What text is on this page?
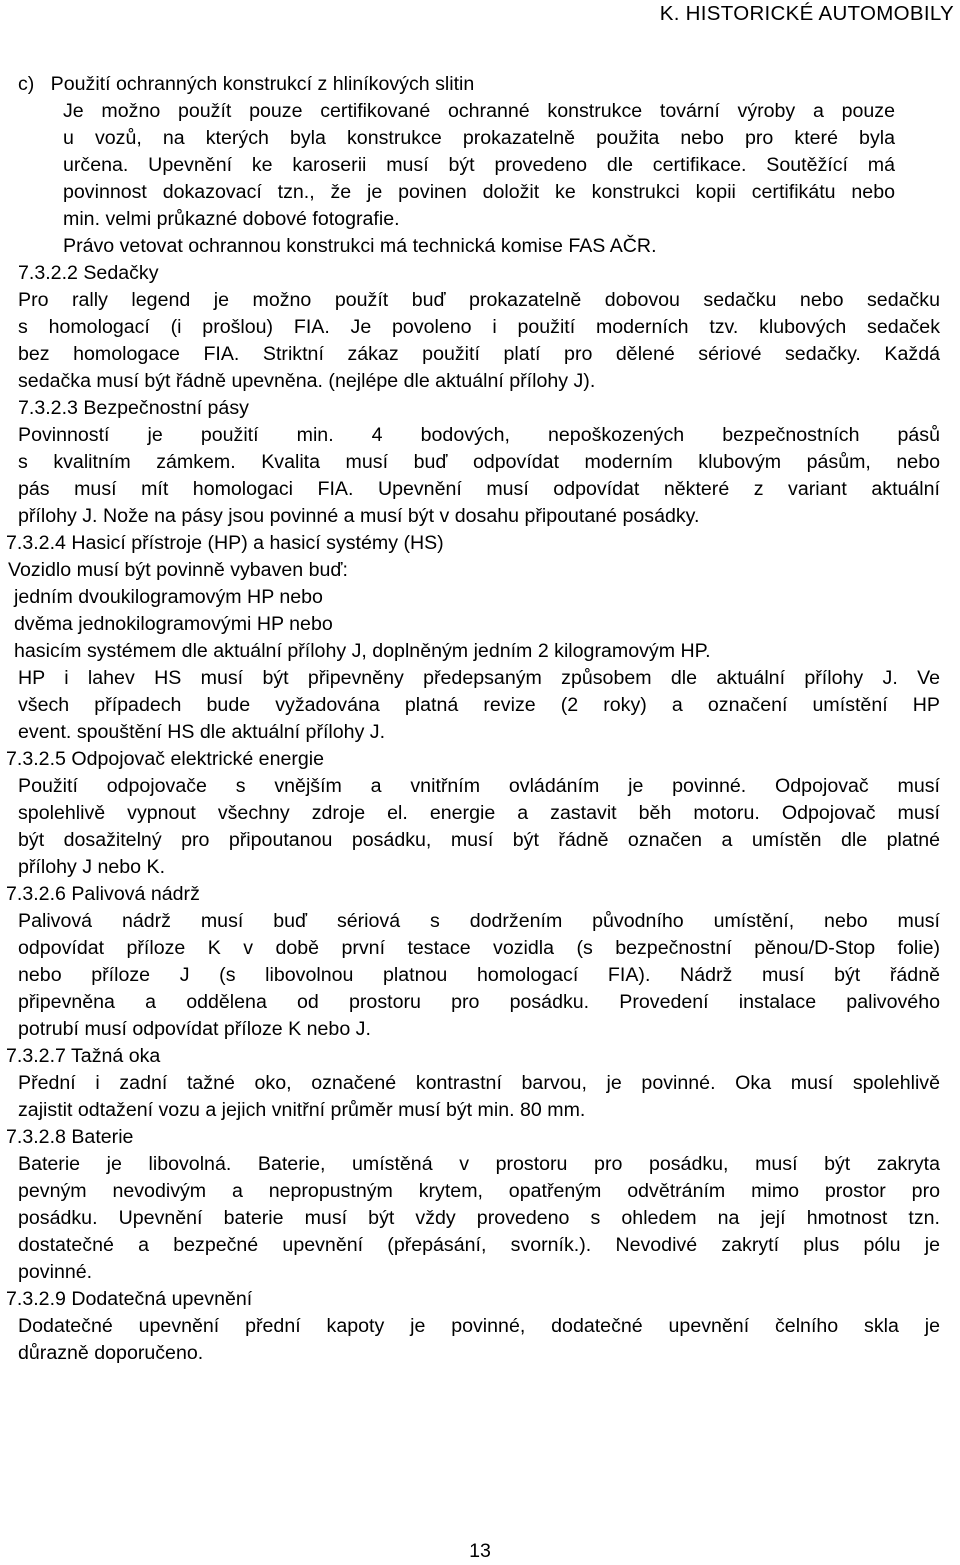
K. HISTORICKÉ AUTOMOBILY
c)   Použití ochranných konstrukcí z hliníkových slitin
Je možno použít pouze certifikované ochranné konstrukce tovární výroby a pouze
u vozů, na kterých byla konstrukce prokazatelně použita nebo pro které byla
určena. Upevnění ke karoserii musí být provedeno dle certifikace. Soutěžící má
povinnost dokazovací tzn., že je povinen doložit ke konstrukci kopii certifikátu nebo
min. velmi průkazné dobové fotografie.
Právo vetovat ochrannou konstrukci má technická komise FAS AČR.
7.3.2.2 Sedačky
Pro rally legend je možno použít buď prokazatelně dobovou sedačku nebo sedačku
s homologací (i prošlou) FIA. Je povoleno i použití moderních tzv. klubových sedaček
bez homologace FIA. Striktní zákaz použití platí pro dělené sériové sedačky. Každá
sedačka musí být řádně upevněna. (nejlépe dle aktuální přílohy J).
7.3.2.3 Bezpečnostní pásy
Povinností je použití min. 4 bodových, nepoškozených bezpečnostních pásů
s kvalitním zámkem. Kvalita musí buď odpovídat moderním klubovým pásům, nebo
pás musí mít homologaci FIA. Upevnění musí odpovídat některé z variant aktuální
přílohy J. Nože na pásy jsou povinné a musí být v dosahu připoutané posádky.
7.3.2.4 Hasicí přístroje (HP) a hasicí systémy (HS)
Vozidlo musí být povinně vybaven buď:
jedním dvoukilogramovým HP nebo
dvěma jednokilogramovými HP nebo
hasicím systémem dle aktuální přílohy J, doplněným jedním 2 kilogramovým HP.
HP i lahev HS musí být připevněny předepsaným způsobem dle aktuální přílohy J. Ve
všech případech bude vyžadována platná revize (2 roky) a označení umístění HP
event. spouštění HS dle aktuální přílohy J.
7.3.2.5 Odpojovač elektrické energie
Použití odpojovače s vnějším a vnitřním ovládáním je povinné. Odpojovač musí
spolehlivě vypnout všechny zdroje el. energie a zastavit běh motoru. Odpojovač musí
být dosažitelný pro připoutanou posádku, musí být řádně označen a umístěn dle platné
přílohy J nebo K.
7.3.2.6 Palivová nádrž
Palivová nádrž musí buď sériová s dodržením původního umístění, nebo musí
odpovídat příloze K v době první testace vozidla (s bezpečnostní pěnou/D-Stop folie)
nebo příloze J (s libovolnou platnou homologací FIA). Nádrž musí být řádně
připevněna a oddělena od prostoru pro posádku. Provedení instalace palivového
potrubí musí odpovídat příloze K nebo J.
7.3.2.7 Tažná oka
Přední i zadní tažné oko, označené kontrastní barvou, je povinné. Oka musí spolehlivě
zajistit odtažení vozu a jejich vnitřní průměr musí být min. 80 mm.
7.3.2.8 Baterie
Baterie je libovolná. Baterie, umístěná v prostoru pro posádku, musí být zakryta
pevným nevodivým a nepropustným krytem, opatřeným odvětráním mimo prostor pro
posádku. Upevnění baterie musí být vždy provedeno s ohledem na její hmotnost tzn.
dostatečné a bezpečné upevnění (přepásání, svorník.). Nevodivé zakrytí plus pólu je
povinné.
7.3.2.9 Dodatečná upevnění
Dodatečné upevnění přední kapoty je povinné, dodatečné upevnění čelního skla je
důrazně doporučeno.
13
